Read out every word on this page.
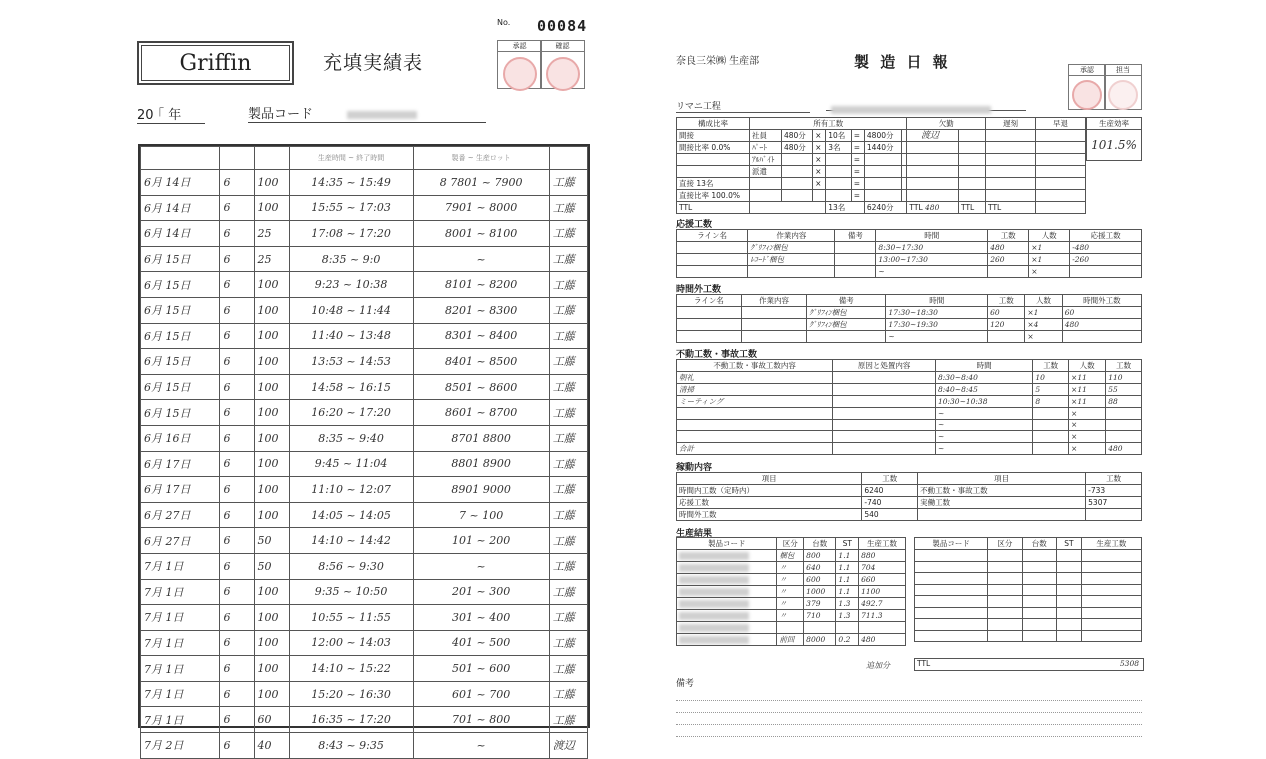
Griffin	充填実績表
No. 00084
承認	確認
20 ｢ 年	製品コード
			生産時間 ~ 終了時間	製番 ~ 生産ロット	
6月 14日	6	100	14:35 ~ 15:49	8 7801 ~ 7900	工藤
6月 14日	6	100	15:55 ~ 17:03	7901 ~ 8000	工藤
6月 14日	6	25	17:08 ~ 17:20	8001 ~ 8100	工藤
6月 15日	6	25	8:35 ~ 9:0	~	工藤
6月 15日	6	100	9:23 ~ 10:38	8101 ~ 8200	工藤
6月 15日	6	100	10:48 ~ 11:44	8201 ~ 8300	工藤
6月 15日	6	100	11:40 ~ 13:48	8301 ~ 8400	工藤
6月 15日	6	100	13:53 ~ 14:53	8401 ~ 8500	工藤
6月 15日	6	100	14:58 ~ 16:15	8501 ~ 8600	工藤
6月 15日	6	100	16:20 ~ 17:20	8601 ~ 8700	工藤
6月 16日	6	100	8:35 ~ 9:40	8701 8800	工藤
6月 17日	6	100	9:45 ~ 11:04	8801 8900	工藤
6月 17日	6	100	11:10 ~ 12:07	8901 9000	工藤
6月 27日	6	100	14:05 ~ 14:05	7 ~ 100	工藤
6月 27日	6	50	14:10 ~ 14:42	101 ~ 200	工藤
7月 1日	6	50	8:56 ~ 9:30	~	工藤
7月 1日	6	100	9:35 ~ 10:50	201 ~ 300	工藤
7月 1日	6	100	10:55 ~ 11:55	301 ~ 400	工藤
7月 1日	6	100	12:00 ~ 14:03	401 ~ 500	工藤
7月 1日	6	100	14:10 ~ 15:22	501 ~ 600	工藤
7月 1日	6	100	15:20 ~ 16:30	601 ~ 700	工藤
7月 1日	6	60	16:35 ~ 17:20	701 ~ 800	工藤
7月 2日	6	40	8:43 ~ 9:35	~	渡辺
奈良三栄㈱ 生産部	製 造 日 報	承認	担当
リマニ工程
構成比率	所有工数							欠勤		遅刻	早退
間接	社員	480分	×	10名	=	4800分					
間接比率 0.0%	ﾊﾟｰﾄ	480分	×	3名	=	1440分					
	ｱﾙﾊﾞｲﾄ		×		=						
	派遣		×		=						
直接 13名			×		=						
直接比率 100.0%					=						
TTL				13名		6240分		TTL 480	TTL	TTL	
生産効率
101.5%
渡辺
応援工数
ライン名	作業内容	備考	時間	工数	人数	応援工数
	ｸﾞﾘﾌｨﾝ梱包		8:30~17:30	480	×1	-480
	ﾚｺｰﾄﾞ梱包		13:00~17:30	260	×1	-260
			~		×	
時間外工数
ライン名	作業内容	備考	時間	工数	人数	時間外工数
		ｸﾞﾘﾌｨﾝ梱包	17:30~18:30	60	×1	60
		ｸﾞﾘﾌｨﾝ梱包	17:30~19:30	120	×4	480
			~		×	
不動工数・事故工数
不動工数・事故工数内容	原因と処置内容	時間	工数	人数	工数
朝礼		8:30~8:40	10	×11	110
清掃		8:40~8:45	5	×11	55
ミーティング		10:30~10:38	8	×11	88
		~		×	
		~		×	
		~		×	
合計		~		×	480
稼動内容
項目	工数	項目	工数
時間内工数（定時内）	6240	不動工数・事故工数	-733
応援工数	-740	実働工数	5307
時間外工数	540		
生産結果
製品コード	区分	台数	ST	生産工数
	梱包	800	1.1	880
	〃	640	1.1	704
	〃	600	1.1	660
	〃	1000	1.1	1100
	〃	379	1.3	492.7
	〃	710	1.3	711.3

	前回	8000	0.2	480
製品コード	区分	台数	ST	生産工数

追加分	TTL	5308
備考
